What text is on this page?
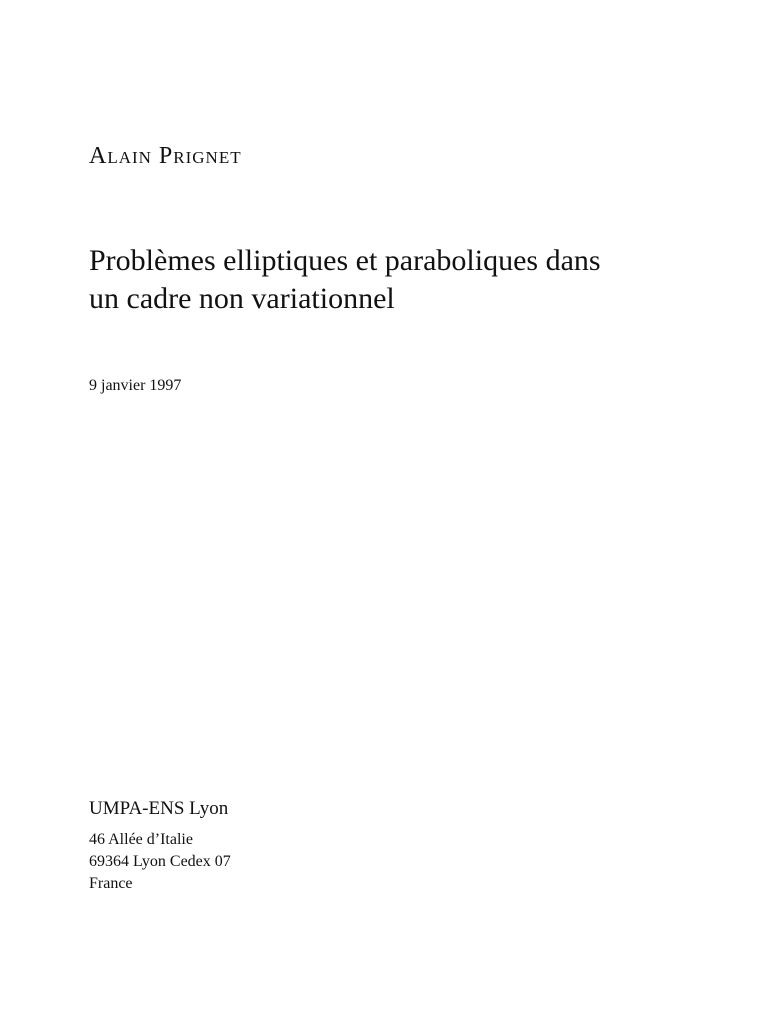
Alain Prignet
Problèmes elliptiques et paraboliques dans
un cadre non variationnel
9 janvier 1997
UMPA-ENS Lyon
46 Allée d’Italie
69364 Lyon Cedex 07
France
